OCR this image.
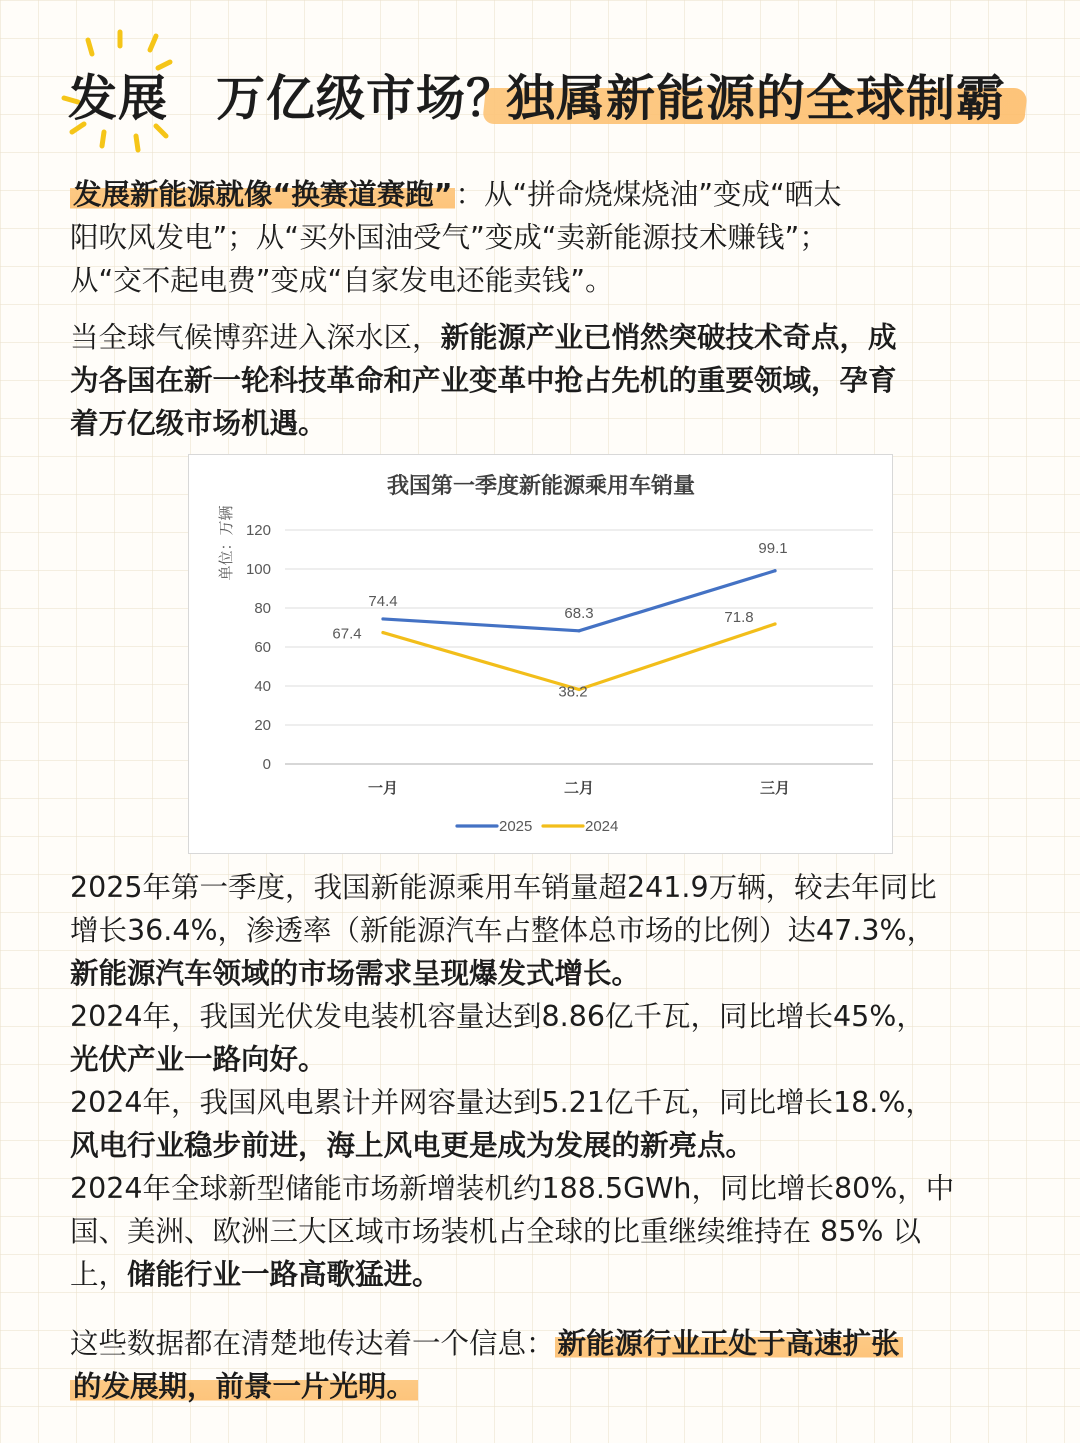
发展 万亿级市场？
独属新能源的全球制霸
发展新能源就像“换赛道赛跑” ：从“拼命烧煤烧油”变成“晒太
阳吹风发电”；从“买外国油受气”变成“卖新能源技术赚钱”；
从“交不起电费”变成“自家发电还能卖钱”。
当全球气候博弈进入深水区，新能源产业已悄然突破技术奇点，成
为各国在新一轮科技革命和产业变革中抢占先机的重要领域，孕育
着万亿级市场机遇。
我国第一季度新能源乘用车销量
单位：万辆
0
20
40
60
80
100
120
一月	二月	三月
74.4
68.3
99.1
67.4
38.2
71.8
2025	2024
2025年第一季度，我国新能源乘用车销量超241.9万辆，较去年同比
增长36.4%，渗透率（新能源汽车占整体总市场的比例）达47.3%，
新能源汽车领域的市场需求呈现爆发式增长。
2024年，我国光伏发电装机容量达到8.86亿千瓦，同比增长45%，
光伏产业一路向好。
2024年，我国风电累计并网容量达到5.21亿千瓦，同比增长18.%，
风电行业稳步前进，海上风电更是成为发展的新亮点。
2024年全球新型储能市场新增装机约188.5GWh，同比增长80%，中
国、美洲、欧洲三大区域市场装机占全球的比重继续维持在 85% 以
上，储能行业一路高歌猛进。
这些数据都在清楚地传达着一个信息： 新能源行业正处于高速扩张
的发展期，前景一片光明。
